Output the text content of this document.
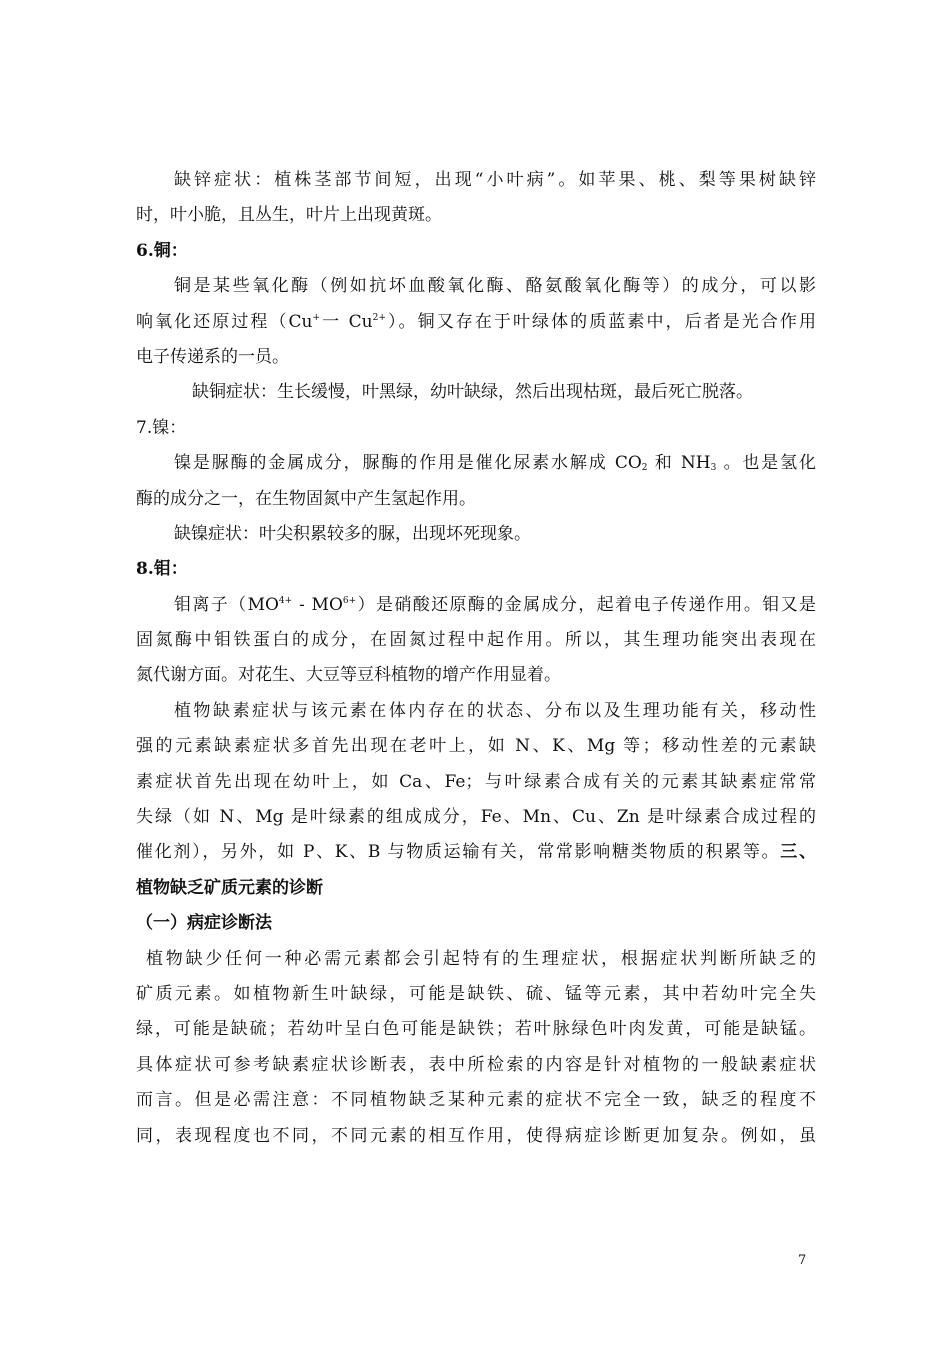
缺锌症状：植株茎部节间短，出现“小叶病”。如苹果、桃、梨等果树缺锌
时，叶小脆，且丛生，叶片上出现黄斑。
6.铜：
铜是某些氧化酶（例如抗坏血酸氧化酶、酪氨酸氧化酶等）的成分，可以影
响氧化还原过程（Cu+一 $Cu^{2+}$）。铜又存在于叶绿体的质蓝素中，后者是光合作用
电子传递系的一员。
缺铜症状：生长缓慢，叶黑绿，幼叶缺绿，然后出现枯斑，最后死亡脱落。
7.镍：
镍是脲酶的金属成分，脲酶的作用是催化尿素水解成 $CO_2$ 和 $NH_3$ 。也是氢化
酶的成分之一，在生物固氮中产生氢起作用。
缺镍症状：叶尖积累较多的脲，出现坏死现象。
8.钼：
钼离子$(MO^{4+} - MO^{6+})$是硝酸还原酶的金属成分，起着电子传递作用。钼又是
固氮酶中钼铁蛋白的成分，在固氮过程中起作用。所以，其生理功能突出表现在
氮代谢方面。对花生、大豆等豆科植物的增产作用显着。
植物缺素症状与该元素在体内存在的状态、分布以及生理功能有关，移动性
强的元素缺素症状多首先出现在老叶上，如 N、K、Mg 等；移动性差的元素缺
素症状首先出现在幼叶上，如 Ca、Fe；与叶绿素合成有关的元素其缺素症常常
失绿（如 N、Mg 是叶绿素的组成成分，Fe、Mn、Cu、Zn 是叶绿素合成过程的
催化剂），另外，如 P、K、B 与物质运输有关，常常影响糖类物质的积累等。三、
植物缺乏矿质元素的诊断
（一）病症诊断法
植物缺少任何一种必需元素都会引起特有的生理症状，根据症状判断所缺乏的
矿质元素。如植物新生叶缺绿，可能是缺铁、硫、锰等元素，其中若幼叶完全失
绿，可能是缺硫；若幼叶呈白色可能是缺铁；若叶脉绿色叶肉发黄，可能是缺锰。
具体症状可参考缺素症状诊断表，表中所检索的内容是针对植物的一般缺素症状
而言。但是必需注意：不同植物缺乏某种元素的症状不完全一致，缺乏的程度不
同，表现程度也不同，不同元素的相互作用，使得病症诊断更加复杂。例如，虽
7
